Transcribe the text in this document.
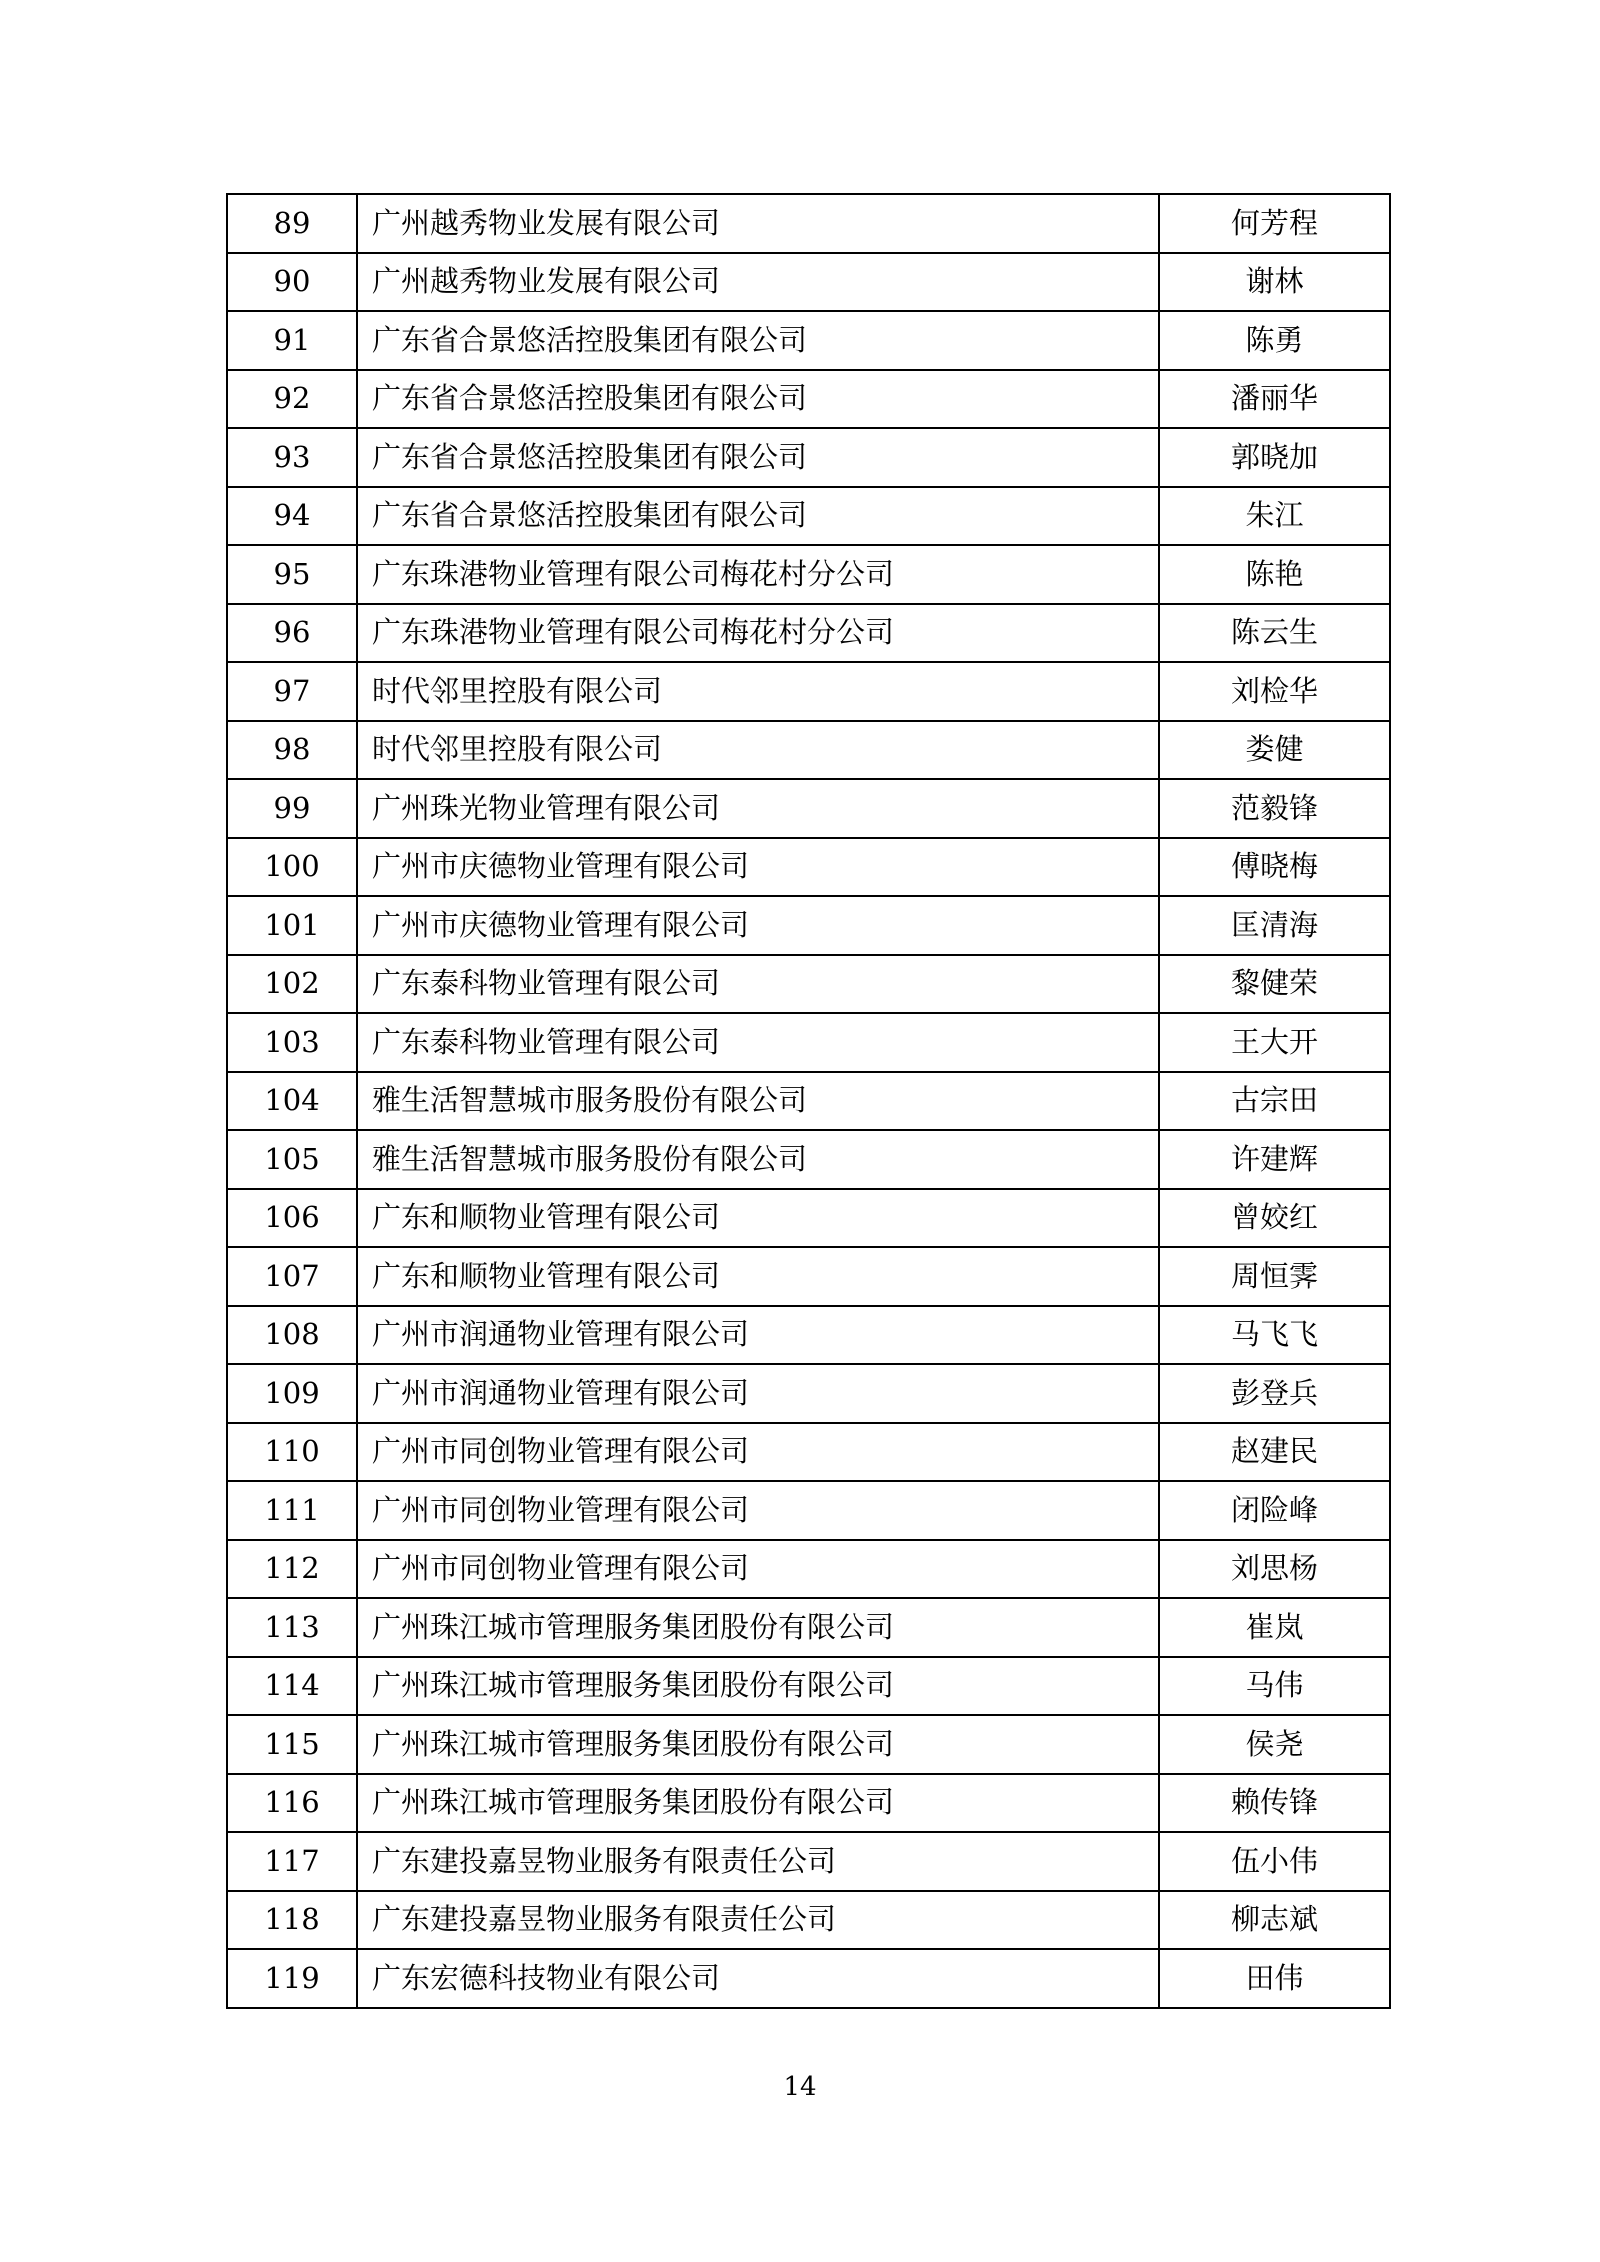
89	广州越秀物业发展有限公司	何芳程
90	广州越秀物业发展有限公司	谢林
91	广东省合景悠活控股集团有限公司	陈勇
92	广东省合景悠活控股集团有限公司	潘丽华
93	广东省合景悠活控股集团有限公司	郭晓加
94	广东省合景悠活控股集团有限公司	朱江
95	广东珠港物业管理有限公司梅花村分公司	陈艳
96	广东珠港物业管理有限公司梅花村分公司	陈云生
97	时代邻里控股有限公司	刘检华
98	时代邻里控股有限公司	娄健
99	广州珠光物业管理有限公司	范毅锋
100	广州市庆德物业管理有限公司	傅晓梅
101	广州市庆德物业管理有限公司	匡清海
102	广东泰科物业管理有限公司	黎健荣
103	广东泰科物业管理有限公司	王大开
104	雅生活智慧城市服务股份有限公司	古宗田
105	雅生活智慧城市服务股份有限公司	许建辉
106	广东和顺物业管理有限公司	曾姣红
107	广东和顺物业管理有限公司	周恒霁
108	广州市润通物业管理有限公司	马飞飞
109	广州市润通物业管理有限公司	彭登兵
110	广州市同创物业管理有限公司	赵建民
111	广州市同创物业管理有限公司	闭险峰
112	广州市同创物业管理有限公司	刘思杨
113	广州珠江城市管理服务集团股份有限公司	崔岚
114	广州珠江城市管理服务集团股份有限公司	马伟
115	广州珠江城市管理服务集团股份有限公司	侯尧
116	广州珠江城市管理服务集团股份有限公司	赖传锋
117	广东建投嘉昱物业服务有限责任公司	伍小伟
118	广东建投嘉昱物业服务有限责任公司	柳志斌
119	广东宏德科技物业有限公司	田伟
14
